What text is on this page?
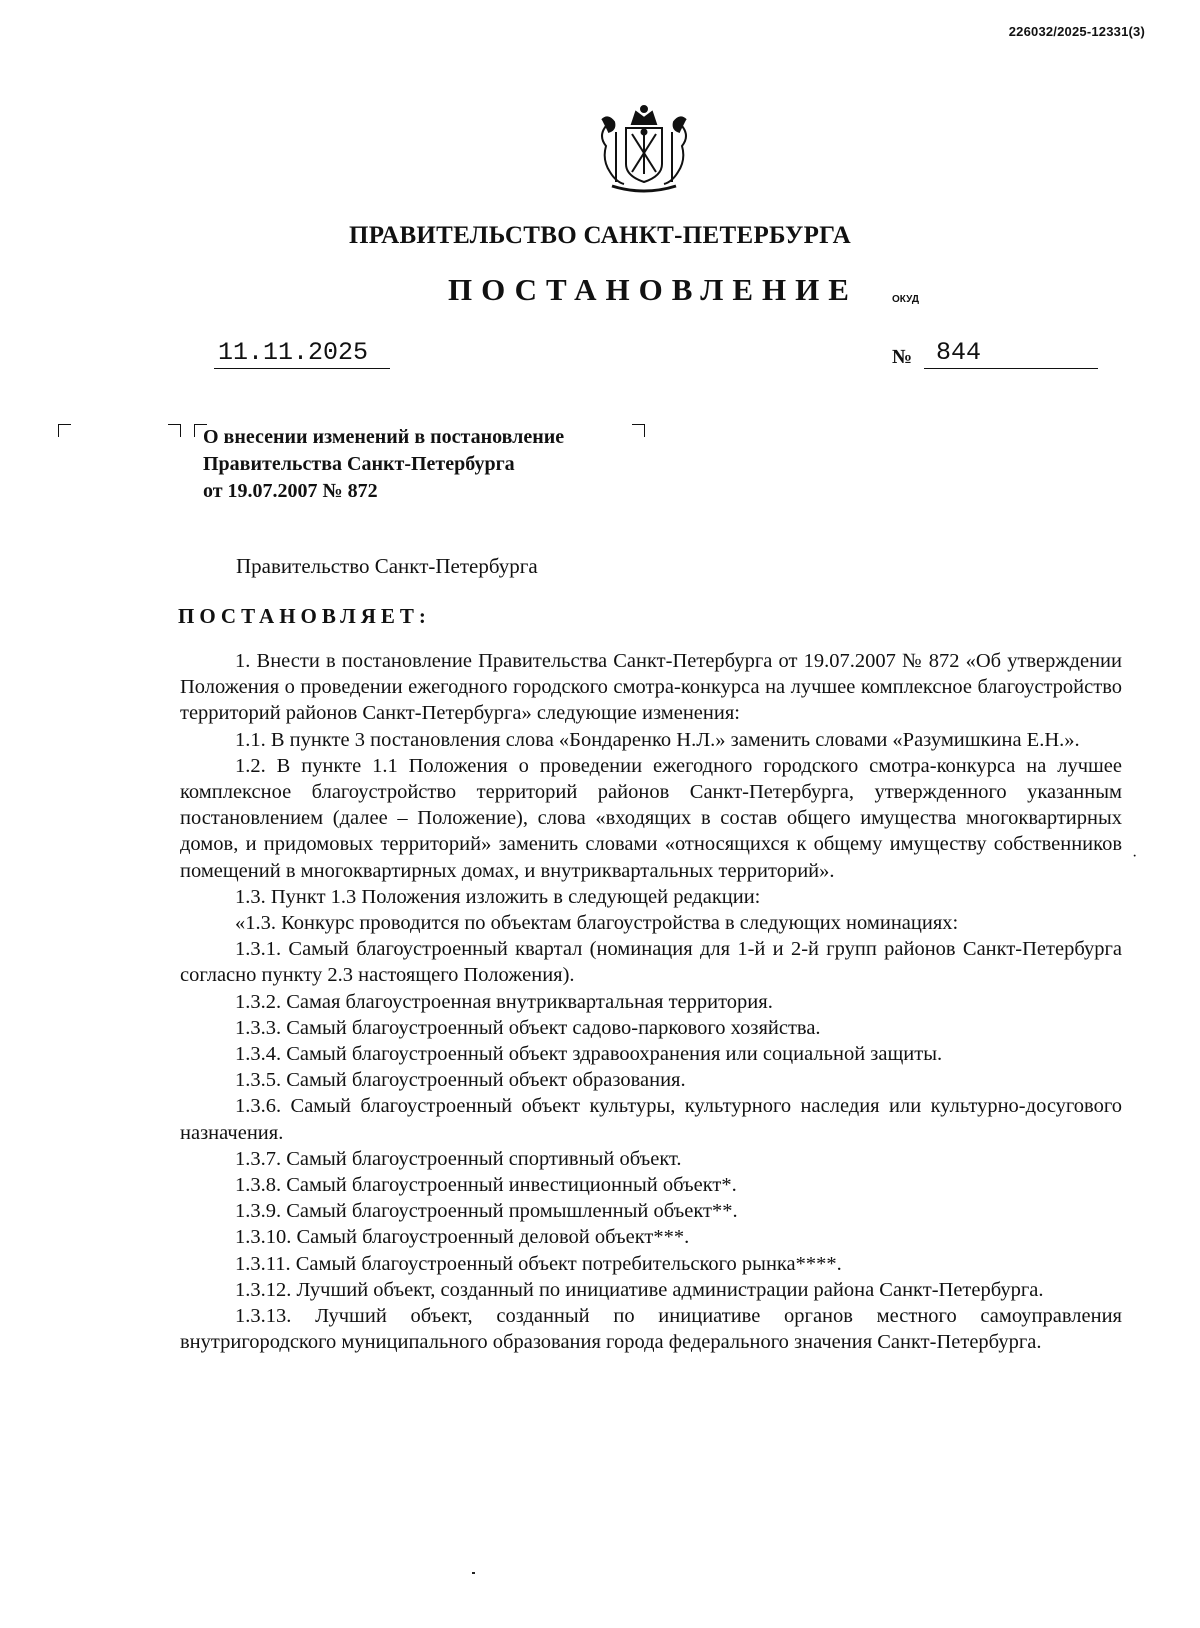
226032/2025-12331(3)
ПРАВИТЕЛЬСТВО САНКТ-ПЕТЕРБУРГА
ПОСТАНОВЛЕНИЕ	ОКУД
11.11.2025	№ 844
О внесении изменений в постановление
Правительства Санкт-Петербурга
от 19.07.2007 № 872
Правительство Санкт-Петербурга
ПОСТАНОВЛЯЕТ:

1. Внести в постановление Правительства Санкт-Петербурга от 19.07.2007 № 872 «Об утверждении Положения о проведении ежегодного городского смотра-конкурса на лучшее комплексное благоустройство территорий районов Санкт-Петербурга» следующие изменения:

1.1. В пункте 3 постановления слова «Бондаренко Н.Л.» заменить словами «Разумишкина Е.Н.».

1.2. В пункте 1.1 Положения о проведении ежегодного городского смотра-конкурса на лучшее комплексное благоустройство территорий районов Санкт-Петербурга, утвержденного указанным постановлением (далее – Положение), слова «входящих в состав общего имущества многоквартирных домов, и придомовых территорий» заменить словами «относящихся к общему имуществу собственников помещений в многоквартирных домах, и внутриквартальных территорий».

1.3. Пункт 1.3 Положения изложить в следующей редакции:

«1.3. Конкурс проводится по объектам благоустройства в следующих номинациях:

1.3.1. Самый благоустроенный квартал (номинация для 1-й и 2-й групп районов Санкт-Петербурга согласно пункту 2.3 настоящего Положения).

1.3.2. Самая благоустроенная внутриквартальная территория.

1.3.3. Самый благоустроенный объект садово-паркового хозяйства.

1.3.4. Самый благоустроенный объект здравоохранения или социальной защиты.

1.3.5. Самый благоустроенный объект образования.

1.3.6. Самый благоустроенный объект культуры, культурного наследия или культурно-досугового назначения.

1.3.7. Самый благоустроенный спортивный объект.

1.3.8. Самый благоустроенный инвестиционный объект*.

1.3.9. Самый благоустроенный промышленный объект**.

1.3.10. Самый благоустроенный деловой объект***.

1.3.11. Самый благоустроенный объект потребительского рынка****.

1.3.12. Лучший объект, созданный по инициативе администрации района Санкт-Петербурга.

1.3.13. Лучший объект, созданный по инициативе органов местного самоуправления внутригородского муниципального образования города федерального значения Санкт-Петербурга.

·
